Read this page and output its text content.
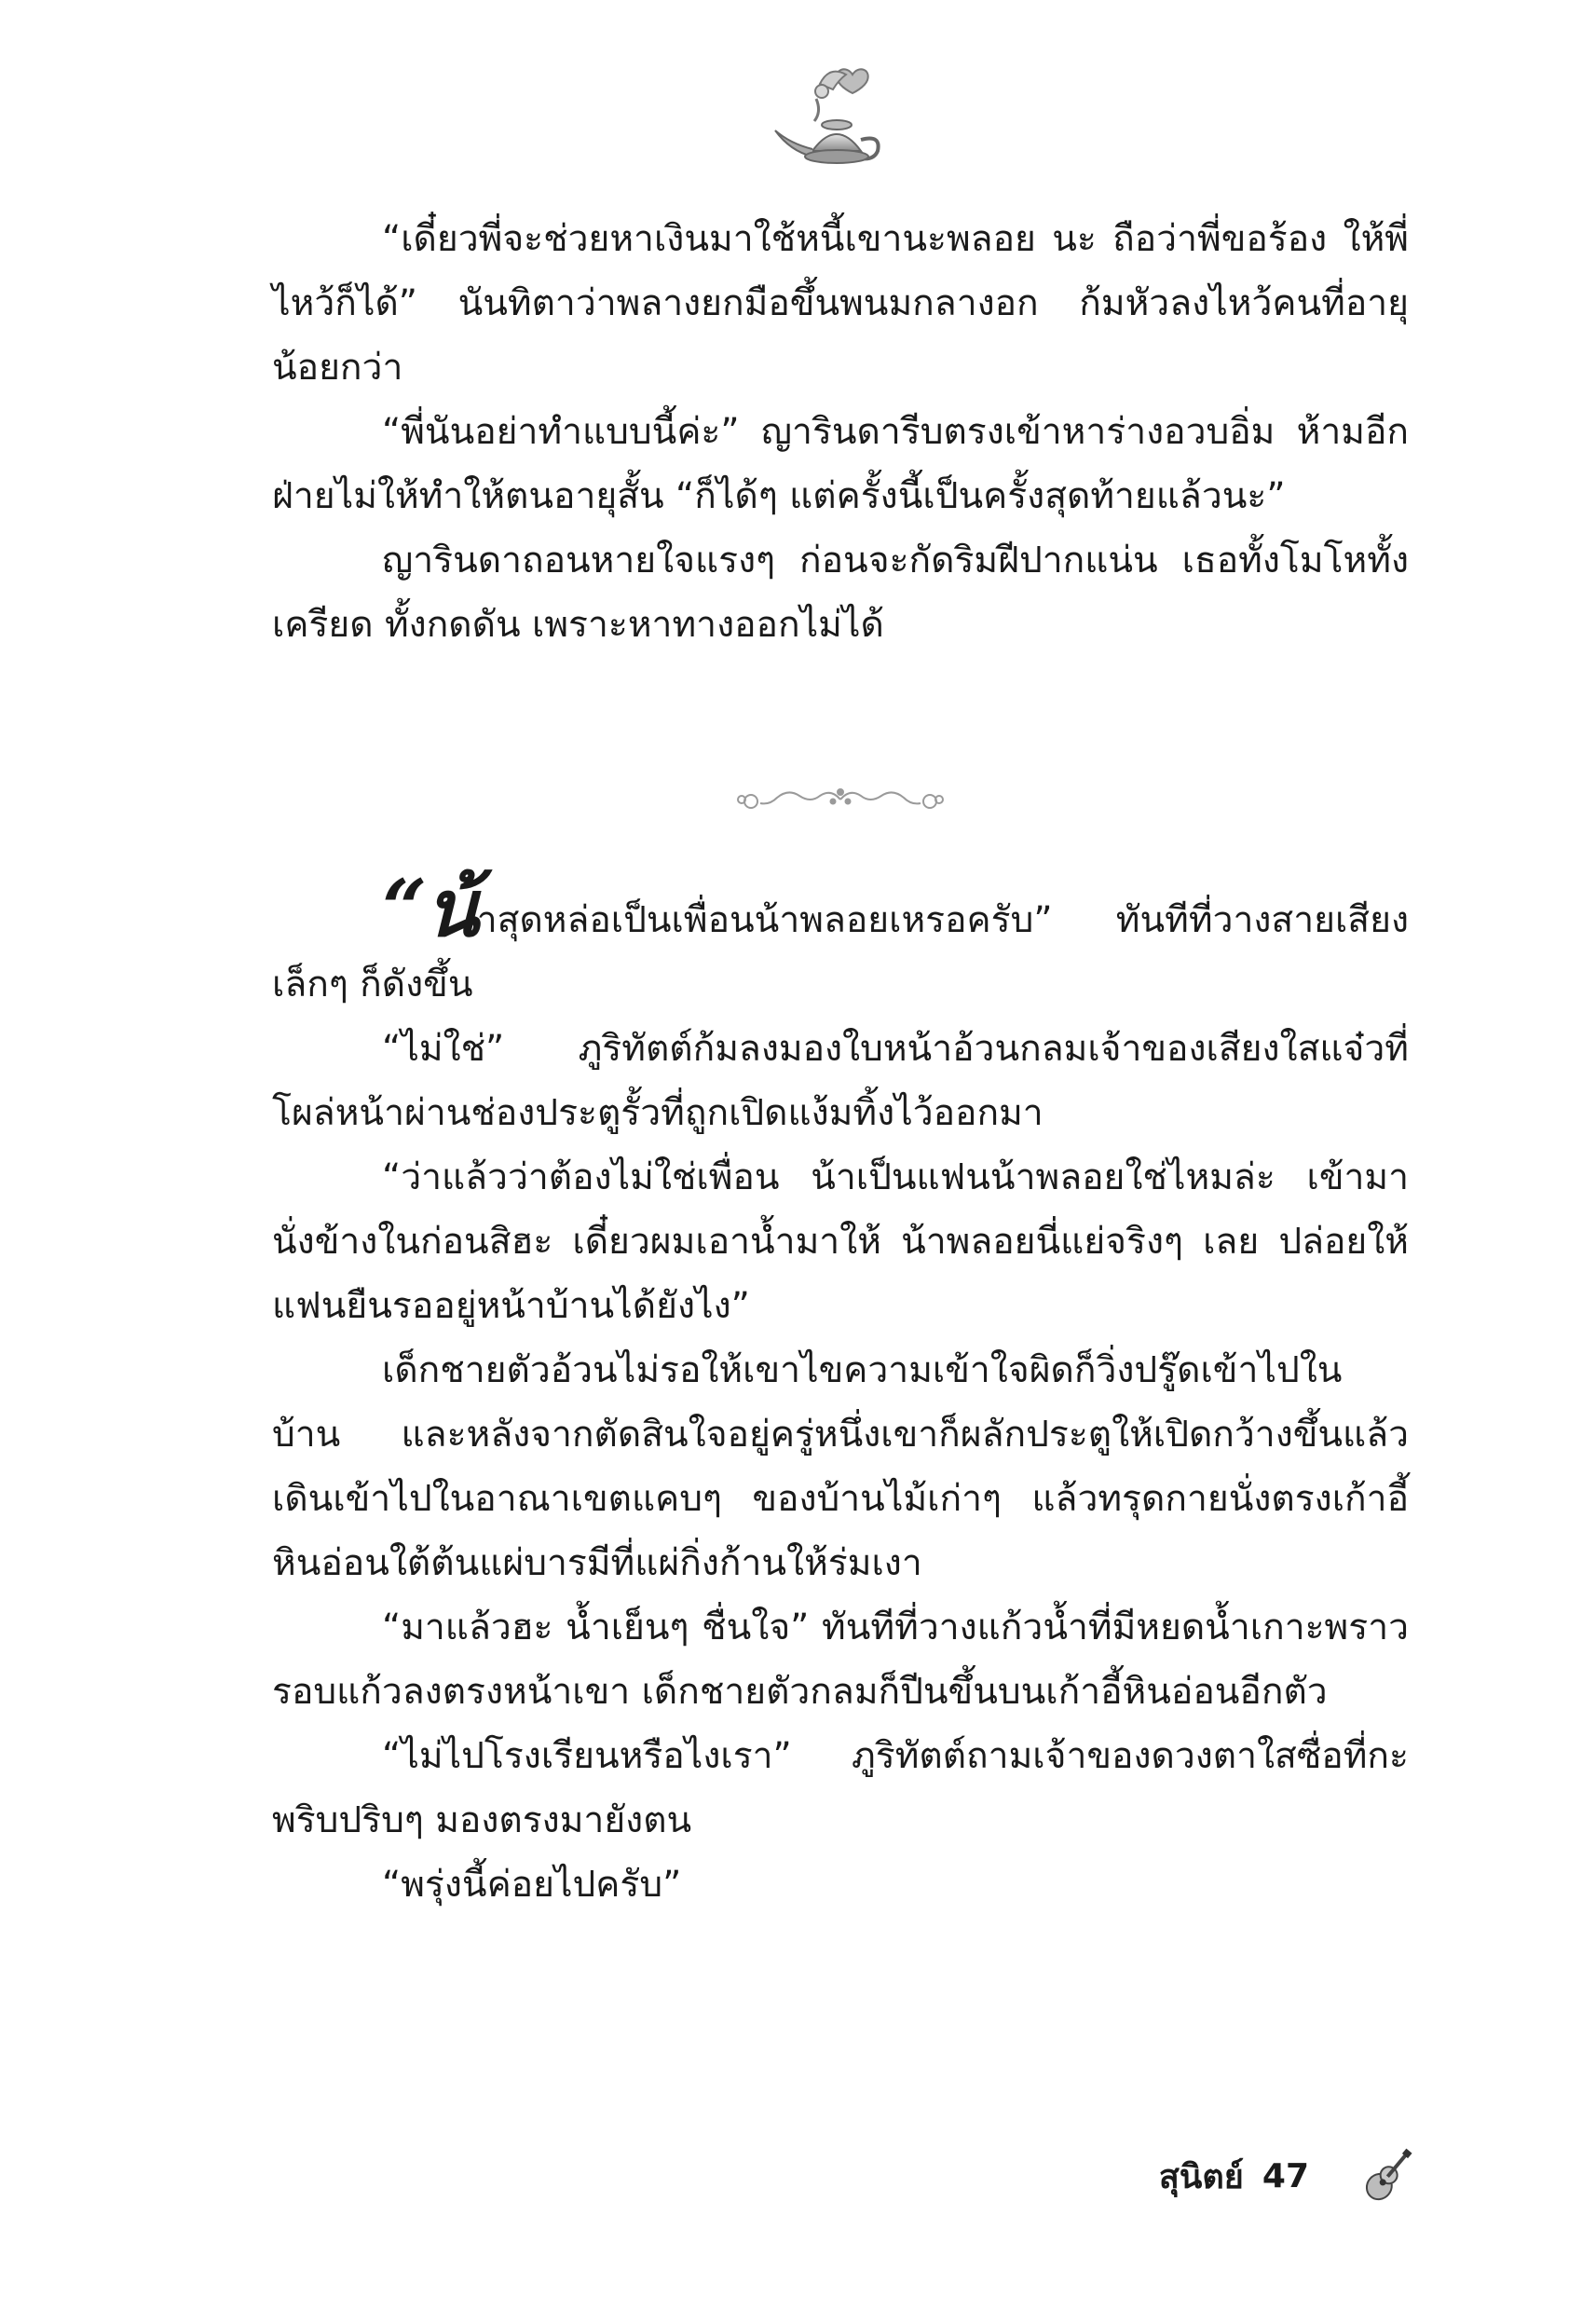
“เดี๋ยวพี่จะช่วยหาเงินมาใช้หนี้เขานะพลอย นะ ถือว่าพี่ขอร้อง ให้พี่ไหว้ก็ได้” นันทิตาว่าพลางยกมือขึ้นพนมกลางอก ก้มหัวลงไหว้คนที่อายุน้อยกว่า

“พี่นันอย่าทำแบบนี้ค่ะ” ญารินดารีบตรงเข้าหาร่างอวบอิ่ม ห้ามอีกฝ่ายไม่ให้ทำให้ตนอายุสั้น “ก็ได้ๆ แต่ครั้งนี้เป็นครั้งสุดท้ายแล้วนะ”

ญารินดาถอนหายใจแรงๆ ก่อนจะกัดริมฝีปากแน่น เธอทั้งโมโหทั้งเครียด ทั้งกดดัน เพราะหาทางออกไม่ได้

“น้าสุดหล่อเป็นเพื่อนน้าพลอยเหรอครับ” ทันทีที่วางสายเสียงเล็กๆ ก็ดังขึ้น

“ไม่ใช่” ภูริทัตต์ก้มลงมองใบหน้าอ้วนกลมเจ้าของเสียงใสแจ๋วที่โผล่หน้าผ่านช่องประตูรั้วที่ถูกเปิดแง้มทิ้งไว้ออกมา

“ว่าแล้วว่าต้องไม่ใช่เพื่อน น้าเป็นแฟนน้าพลอยใช่ไหมล่ะ เข้ามานั่งข้างในก่อนสิฮะ เดี๋ยวผมเอาน้ำมาให้ น้าพลอยนี่แย่จริงๆ เลย ปล่อยให้แฟนยืนรออยู่หน้าบ้านได้ยังไง”

เด็กชายตัวอ้วนไม่รอให้เขาไขความเข้าใจผิดก็วิ่งปรู๊ดเข้าไปในบ้าน และหลังจากตัดสินใจอยู่ครู่หนึ่งเขาก็ผลักประตูให้เปิดกว้างขึ้นแล้วเดินเข้าไปในอาณาเขตแคบๆ ของบ้านไม้เก่าๆ แล้วทรุดกายนั่งตรงเก้าอี้หินอ่อนใต้ต้นแผ่บารมีที่แผ่กิ่งก้านให้ร่มเงา

“มาแล้วฮะ น้ำเย็นๆ ชื่นใจ” ทันทีที่วางแก้วน้ำที่มีหยดน้ำเกาะพราวรอบแก้วลงตรงหน้าเขา เด็กชายตัวกลมก็ปีนขึ้นบนเก้าอี้หินอ่อนอีกตัว

“ไม่ไปโรงเรียนหรือไงเรา” ภูริทัตต์ถามเจ้าของดวงตาใสซื่อที่กะพริบปริบๆ มองตรงมายังตน

“พรุ่งนี้ค่อยไปครับ”

สุนิตย์ 47
